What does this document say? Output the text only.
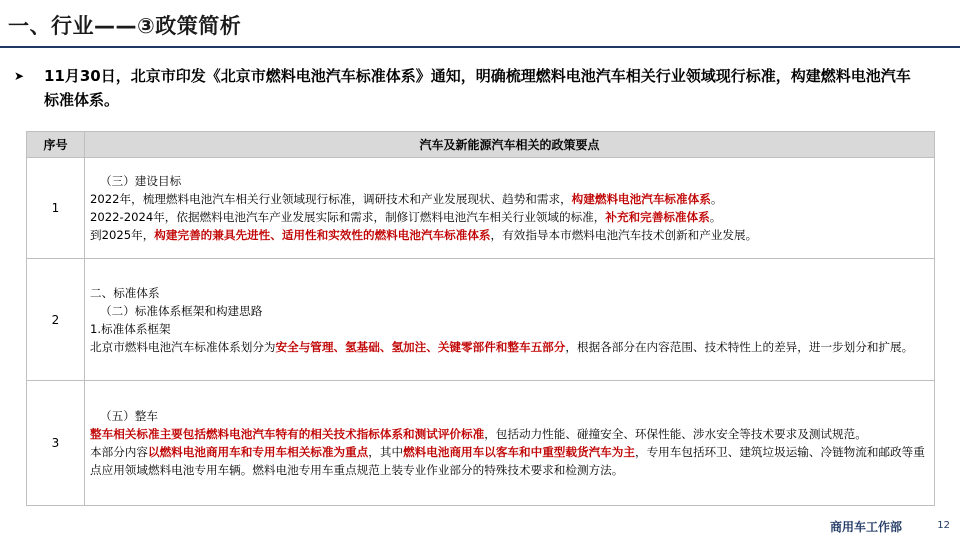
一、行业——③政策简析
➤ 11月30日，北京市印发《北京市燃料电池汽车标准体系》通知，明确梳理燃料电池汽车相关行业领域现行标准，构建燃料电池汽车标准体系。
序号	汽车及新能源汽车相关的政策要点
1	（三）建设目标
2022年，梳理燃料电池汽车相关行业领域现行标准，调研技术和产业发展现状、趋势和需求，构建燃料电池汽车标准体系。
2022-2024年，依据燃料电池汽车产业发展实际和需求，制修订燃料电池汽车相关行业领域的标准，补充和完善标准体系。
到2025年，构建完善的兼具先进性、适用性和实效性的燃料电池汽车标准体系，有效指导本市燃料电池汽车技术创新和产业发展。

2	二、标准体系
（二）标准体系框架和构建思路
1.标准体系框架
北京市燃料电池汽车标准体系划分为安全与管理、氢基础、氢加注、关键零部件和整车五部分，根据各部分在内容范围、技术特性上的差异，进一步划分和扩展。

3	（五）整车
整车相关标准主要包括燃料电池汽车特有的相关技术指标体系和测试评价标准，包括动力性能、碰撞安全、环保性能、涉水安全等技术要求及测试规范。
本部分内容以燃料电池商用车和专用车相关标准为重点，其中燃料电池商用车以客车和中重型载货汽车为主，专用车包括环卫、建筑垃圾运输、冷链物流和邮政等重点应用领域燃料电池专用车辆。燃料电池专用车重点规范上装专业作业部分的特殊技术要求和检测方法。
商用车工作部	12
